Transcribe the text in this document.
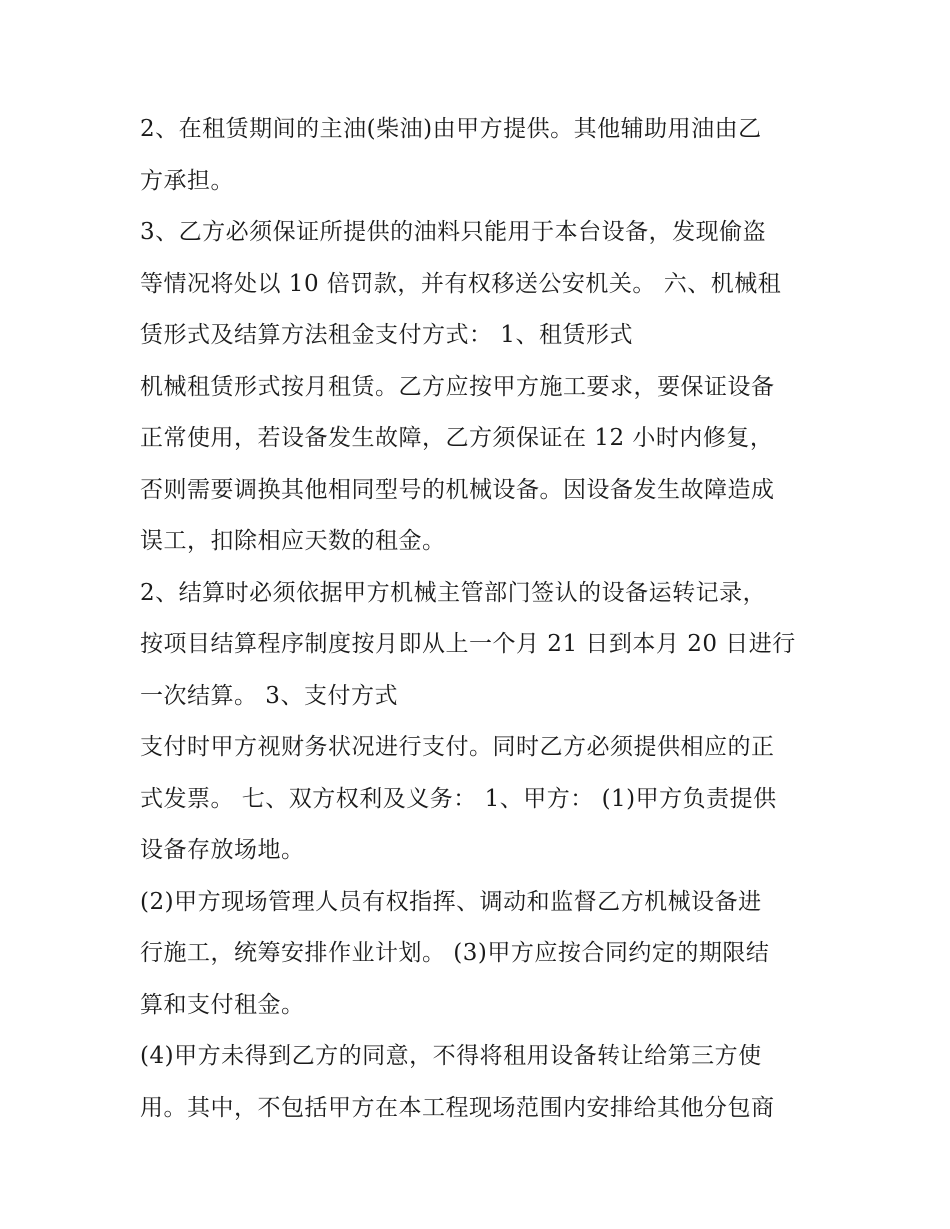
2、在租赁期间的主油(柴油)由甲方提供。其他辅助用油由乙
方承担。
3、乙方必须保证所提供的油料只能用于本台设备，发现偷盗
等情况将处以 10 倍罚款，并有权移送公安机关。 六、机械租
赁形式及结算方法租金支付方式： 1、租赁形式
机械租赁形式按月租赁。乙方应按甲方施工要求，要保证设备
正常使用，若设备发生故障，乙方须保证在 12 小时内修复，
否则需要调换其他相同型号的机械设备。因设备发生故障造成
误工，扣除相应天数的租金。
2、结算时必须依据甲方机械主管部门签认的设备运转记录，
按项目结算程序制度按月即从上一个月 21 日到本月 20 日进行
一次结算。 3、支付方式
支付时甲方视财务状况进行支付。同时乙方必须提供相应的正
式发票。 七、双方权利及义务： 1、甲方： (1)甲方负责提供
设备存放场地。
(2)甲方现场管理人员有权指挥、调动和监督乙方机械设备进
行施工，统筹安排作业计划。 (3)甲方应按合同约定的期限结
算和支付租金。
(4)甲方未得到乙方的同意，不得将租用设备转让给第三方使
用。其中，不包括甲方在本工程现场范围内安排给其他分包商
